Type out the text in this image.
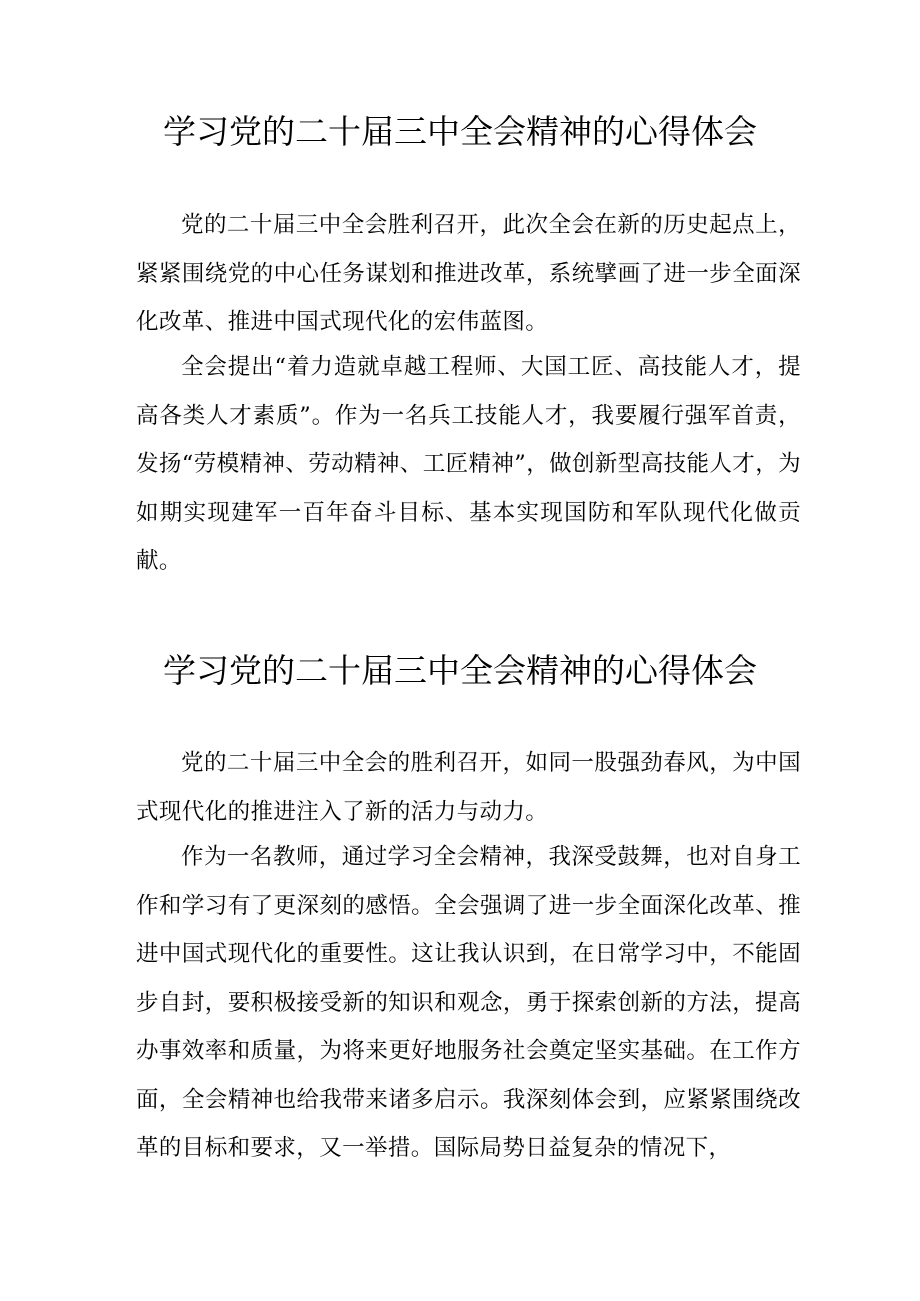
学习党的二十届三中全会精神的心得体会

党的二十届三中全会胜利召开，此次全会在新的历史起点上，紧紧围绕党的中心任务谋划和推进改革，系统擘画了进一步全面深化改革、推进中国式现代化的宏伟蓝图。

全会提出“着力造就卓越工程师、大国工匠、高技能人才，提高各类人才素质”。作为一名兵工技能人才，我要履行强军首责，发扬“劳模精神、劳动精神、工匠精神”，做创新型高技能人才，为如期实现建军一百年奋斗目标、基本实现国防和军队现代化做贡献。

学习党的二十届三中全会精神的心得体会

党的二十届三中全会的胜利召开，如同一股强劲春风，为中国式现代化的推进注入了新的活力与动力。

作为一名教师，通过学习全会精神，我深受鼓舞，也对自身工作和学习有了更深刻的感悟。全会强调了进一步全面深化改革、推进中国式现代化的重要性。这让我认识到，在日常学习中，不能固步自封，要积极接受新的知识和观念，勇于探索创新的方法，提高办事效率和质量，为将来更好地服务社会奠定坚实基础。在工作方面，全会精神也给我带来诸多启示。我深刻体会到，应紧紧围绕改革的目标和要求，又一举措。国际局势日益复杂的情况下，
